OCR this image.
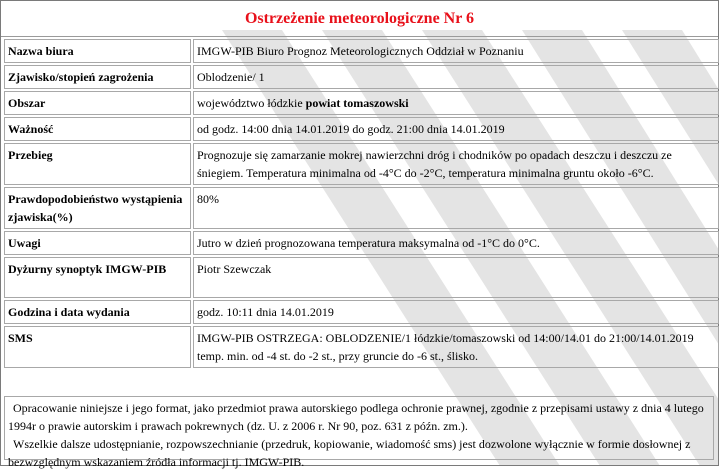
Ostrzeżenie meteorologiczne Nr 6
Nazwa biura	IMGW-PIB Biuro Prognoz Meteorologicznych Oddział w Poznaniu
Zjawisko/stopień zagrożenia	Oblodzenie/ 1
Obszar	województwo łódzkie powiat tomaszowski
Ważność	od godz. 14:00 dnia 14.01.2019 do godz. 21:00 dnia 14.01.2019
Przebieg	Prognozuje się zamarzanie mokrej nawierzchni dróg i chodników po opadach deszczu i deszczu ze śniegiem. Temperatura minimalna od -4°C do -2°C, temperatura minimalna gruntu około -6°C.
Prawdopodobieństwo wystąpienia zjawiska(%)	80%
Uwagi	Jutro w dzień prognozowana temperatura maksymalna od -1°C do 0°C.
Dyżurny synoptyk IMGW-PIB	Piotr Szewczak
Godzina i data wydania	godz. 10:11 dnia 14.01.2019
SMS	IMGW-PIB OSTRZEGA: OBLODZENIE/1 łódzkie/tomaszowski od 14:00/14.01 do 21:00/14.01.2019 temp. min. od -4 st. do -2 st., przy gruncie do -6 st., ślisko.

Opracowanie niniejsze i jego format, jako przedmiot prawa autorskiego podlega ochronie prawnej, zgodnie z przepisami ustawy z dnia 4 lutego 1994r o prawie autorskim i prawach pokrewnych (dz. U. z 2006 r. Nr 90, poz. 631 z późn. zm.).

Wszelkie dalsze udostępnianie, rozpowszechnianie (przedruk, kopiowanie, wiadomość sms) jest dozwolone wyłącznie w formie dosłownej z bezwzględnym wskazaniem źródła informacji tj. IMGW-PIB.
